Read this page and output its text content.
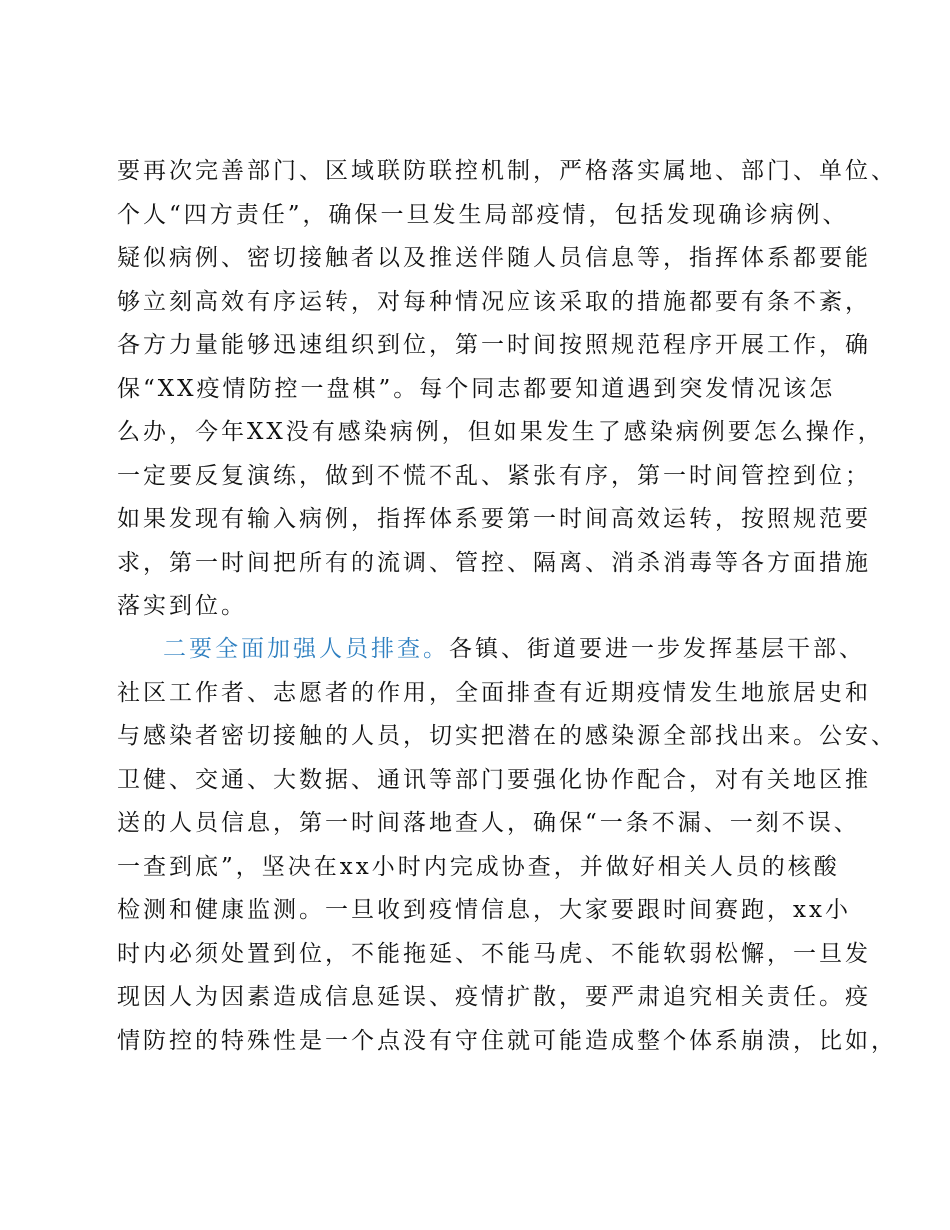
要再次完善部门、区域联防联控机制，严格落实属地、部门、单位、
个人“四方责任”，确保一旦发生局部疫情，包括发现确诊病例、
疑似病例、密切接触者以及推送伴随人员信息等，指挥体系都要能
够立刻高效有序运转，对每种情况应该采取的措施都要有条不紊，
各方力量能够迅速组织到位，第一时间按照规范程序开展工作，确
保“XX疫情防控一盘棋”。每个同志都要知道遇到突发情况该怎
么办，今年XX没有感染病例，但如果发生了感染病例要怎么操作，
一定要反复演练，做到不慌不乱、紧张有序，第一时间管控到位；
如果发现有输入病例，指挥体系要第一时间高效运转，按照规范要
求，第一时间把所有的流调、管控、隔离、消杀消毒等各方面措施
落实到位。
二要全面加强人员排查。各镇、街道要进一步发挥基层干部、
社区工作者、志愿者的作用，全面排查有近期疫情发生地旅居史和
与感染者密切接触的人员，切实把潜在的感染源全部找出来。公安、
卫健、交通、大数据、通讯等部门要强化协作配合，对有关地区推
送的人员信息，第一时间落地查人，确保“一条不漏、一刻不误、
一查到底”，坚决在xx小时内完成协查，并做好相关人员的核酸
检测和健康监测。一旦收到疫情信息，大家要跟时间赛跑，xx小
时内必须处置到位，不能拖延、不能马虎、不能软弱松懈，一旦发
现因人为因素造成信息延误、疫情扩散，要严肃追究相关责任。疫
情防控的特殊性是一个点没有守住就可能造成整个体系崩溃，比如，
